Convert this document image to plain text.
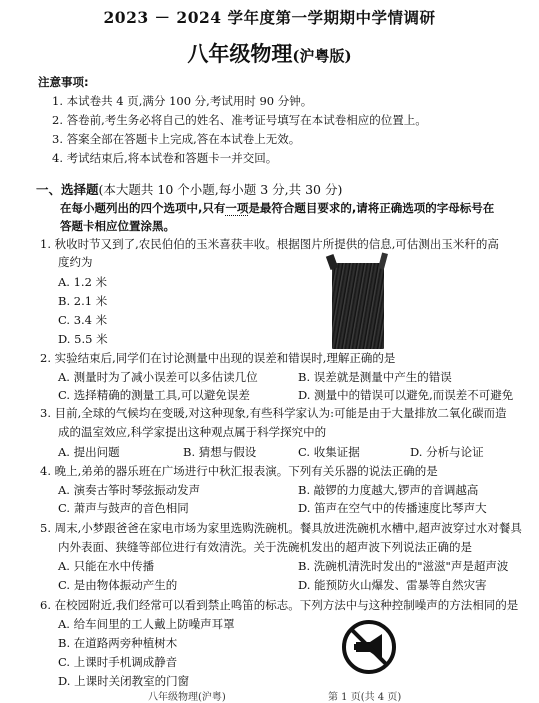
2023 － 2024 学年度第一学期期中学情调研
八年级物理(沪粤版)
注意事项:
1. 本试卷共 4 页,满分 100 分,考试用时 90 分钟。
2. 答卷前,考生务必将自己的姓名、准考证号填写在本试卷相应的位置上。
3. 答案全部在答题卡上完成,答在本试卷上无效。
4. 考试结束后,将本试卷和答题卡一并交回。
一、选择题(本大题共 10 个小题,每小题 3 分,共 30 分)
在每小题列出的四个选项中,只有一项是最符合题目要求的,请将正确选项的字母标号在
答题卡相应位置涂黑。
1. 秋收时节又到了,农民伯伯的玉米喜获丰收。根据图片所提供的信息,可估测出玉米秆的高
度约为
A. 1.2 米
B. 2.1 米
C. 3.4 米
D. 5.5 米
2. 实验结束后,同学们在讨论测量中出现的误差和错误时,理解正确的是
A. 测量时为了减小误差可以多估读几位	B. 误差就是测量中产生的错误
C. 选择精确的测量工具,可以避免误差	D. 测量中的错误可以避免,而误差不可避免
3. 目前,全球的气候均在变暖,对这种现象,有些科学家认为:可能是由于大量排放二氧化碳而造
成的温室效应,科学家提出这种观点属于科学探究中的
A. 提出问题	B. 猜想与假设	C. 收集证据	D. 分析与论证
4. 晚上,弟弟的器乐班在广场进行中秋汇报表演。下列有关乐器的说法正确的是
A. 演奏古筝时琴弦振动发声	B. 敲锣的力度越大,锣声的音调越高
C. 萧声与鼓声的音色相同	D. 笛声在空气中的传播速度比琴声大
5. 周末,小梦跟爸爸在家电市场为家里选购洗碗机。餐具放进洗碗机水槽中,超声波穿过水对餐具
内外表面、狭缝等部位进行有效清洗。关于洗碗机发出的超声波下列说法正确的是
A. 只能在水中传播	B. 洗碗机清洗时发出的"滋滋"声是超声波
C. 是由物体振动产生的	D. 能预防火山爆发、雷暴等自然灾害
6. 在校园附近,我们经常可以看到禁止鸣笛的标志。下列方法中与这种控制噪声的方法相同的是
A. 给车间里的工人戴上防噪声耳罩
B. 在道路两旁种植树木
C. 上课时手机调成静音
D. 上课时关闭教室的门窗
八年级物理(沪粤)	第 1 页(共 4 页)
